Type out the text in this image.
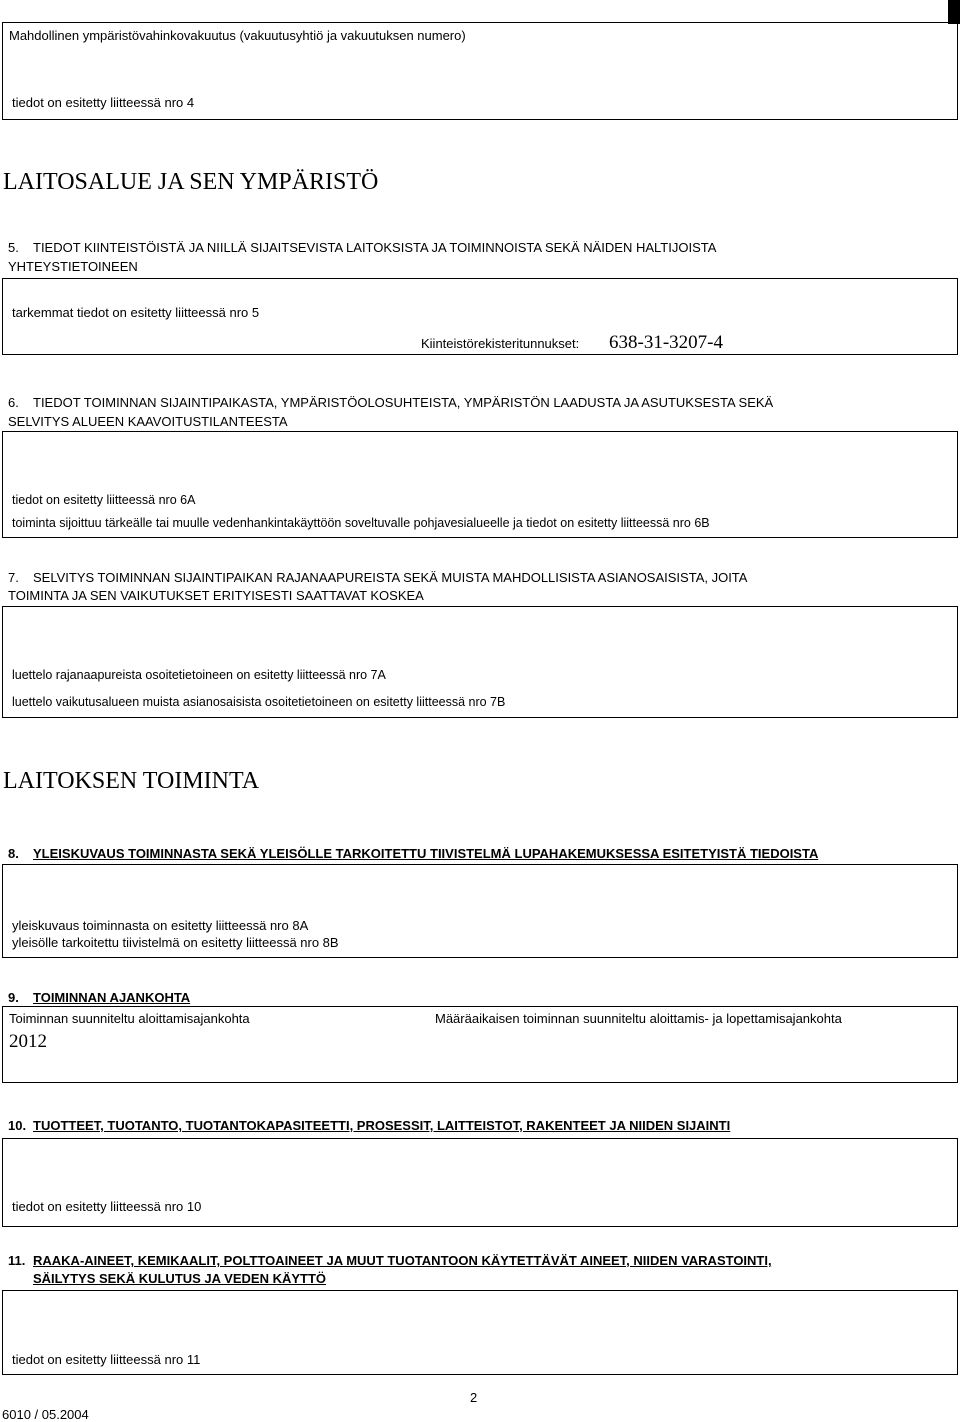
Mahdollinen ympäristövahinkovakuutus (vakuutusyhtiö ja vakuutuksen numero)
tiedot on esitetty liitteessä nro 4
LAITOSALUE JA SEN YMPÄRISTÖ
5. TIEDOT KIINTEISTÖISTÄ JA NIILLÄ SIJAITSEVISTA LAITOKSISTA JA TOIMINNOISTA SEKÄ NÄIDEN HALTIJOISTA
YHTEYSTIETOINEEN
tarkemmat tiedot on esitetty liitteessä nro 5
Kiinteistörekisteritunnukset: 638-31-3207-4
6. TIEDOT TOIMINNAN SIJAINTIPAIKASTA, YMPÄRISTÖOLOSUHTEISTA, YMPÄRISTÖN LAADUSTA JA ASUTUKSESTA SEKÄ
SELVITYS ALUEEN KAAVOITUSTILANTEESTA
tiedot on esitetty liitteessä nro 6A
toiminta sijoittuu tärkeälle tai muulle vedenhankintakäyttöön soveltuvalle pohjavesialueelle ja tiedot on esitetty liitteessä nro 6B
7. SELVITYS TOIMINNAN SIJAINTIPAIKAN RAJANAAPUREISTA SEKÄ MUISTA MAHDOLLISISTA ASIANOSAISISTA, JOITA
TOIMINTA JA SEN VAIKUTUKSET ERITYISESTI SAATTAVAT KOSKEA
luettelo rajanaapureista osoitetietoineen on esitetty liitteessä nro 7A
luettelo vaikutusalueen muista asianosaisista osoitetietoineen on esitetty liitteessä nro 7B
LAITOKSEN TOIMINTA
8. YLEISKUVAUS TOIMINNASTA SEKÄ YLEISÖLLE TARKOITETTU TIIVISTELMÄ LUPAHAKEMUKSESSA ESITETYISTÄ TIEDOISTA
yleiskuvaus toiminnasta on esitetty liitteessä nro 8A
yleisölle tarkoitettu tiivistelmä on esitetty liitteessä nro 8B
9. TOIMINNAN AJANKOHTA
Toiminnan suunniteltu aloittamisajankohta
2012
Määräaikaisen toiminnan suunniteltu aloittamis- ja lopettamisajankohta
10. TUOTTEET, TUOTANTO, TUOTANTOKAPASITEETTI, PROSESSIT, LAITTEISTOT, RAKENTEET JA NIIDEN SIJAINTI
tiedot on esitetty liitteessä nro 10
11. RAAKA-AINEET, KEMIKAALIT, POLTTOAINEET JA MUUT TUOTANTOON KÄYTETTÄVÄT AINEET, NIIDEN VARASTOINTI,
SÄILYTYS SEKÄ KULUTUS JA VEDEN KÄYTTÖ
tiedot on esitetty liitteessä nro 11
2
6010 / 05.2004
